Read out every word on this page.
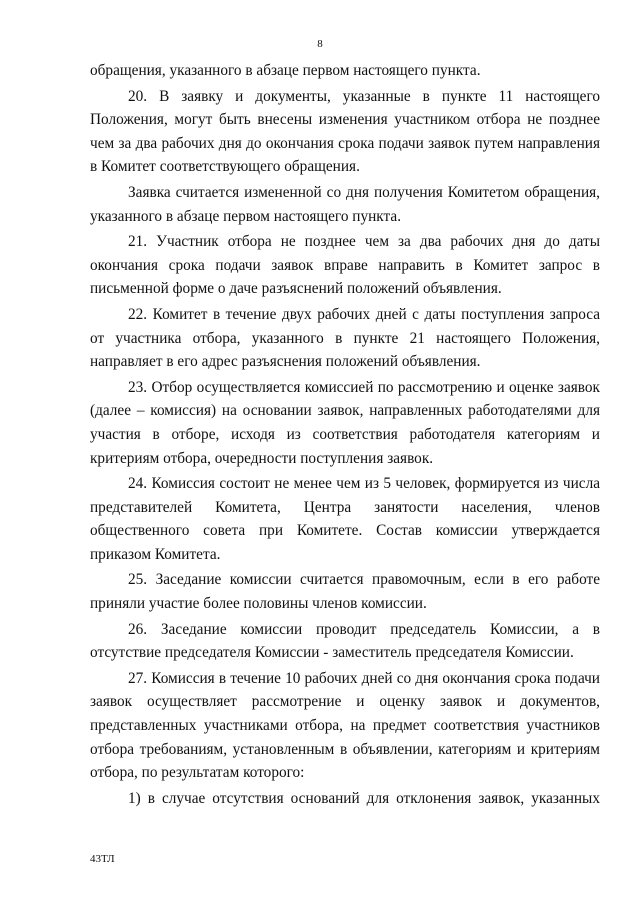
8

обращения, указанного в абзаце первом настоящего пункта.

20. В заявку и документы, указанные в пункте 11 настоящего Положения, могут быть внесены изменения участником отбора не позднее чем за два рабочих дня до окончания срока подачи заявок путем направления в Комитет соответствующего обращения.

Заявка считается измененной со дня получения Комитетом обращения, указанного в абзаце первом настоящего пункта.

21. Участник отбора не позднее чем за два рабочих дня до даты окончания срока подачи заявок вправе направить в Комитет запрос в письменной форме о даче разъяснений положений объявления.

22. Комитет в течение двух рабочих дней с даты поступления запроса от участника отбора, указанного в пункте 21 настоящего Положения, направляет в его адрес разъяснения положений объявления.

23. Отбор осуществляется комиссией по рассмотрению и оценке заявок (далее – комиссия) на основании заявок, направленных работодателями для участия в отборе, исходя из соответствия работодателя категориям и критериям отбора, очередности поступления заявок.

24. Комиссия состоит не менее чем из 5 человек, формируется из числа представителей Комитета, Центра занятости населения, членов общественного совета при Комитете. Состав комиссии утверждается приказом Комитета.

25. Заседание комиссии считается правомочным, если в его работе приняли участие более половины членов комиссии.

26. Заседание комиссии проводит председатель Комиссии, а в отсутствие председателя Комиссии - заместитель председателя Комиссии.

27. Комиссия в течение 10 рабочих дней со дня окончания срока подачи заявок осуществляет рассмотрение и оценку заявок и документов, представленных участниками отбора, на предмет соответствия участников отбора требованиям, установленным в объявлении, категориям и критериям отбора, по результатам которого:

1) в случае отсутствия оснований для отклонения заявок, указанных

43ТЛ
